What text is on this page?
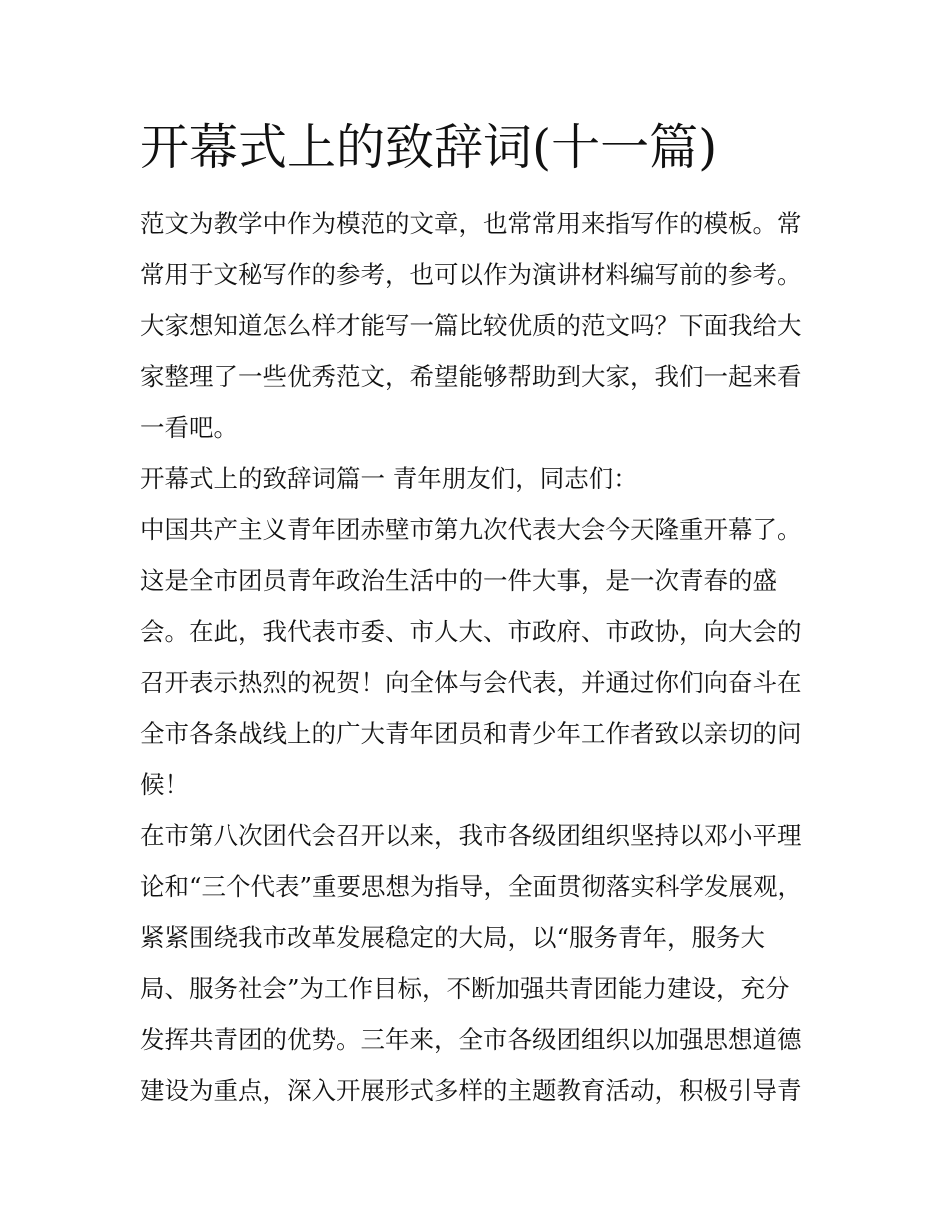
开幕式上的致辞词(十一篇)
范文为教学中作为模范的文章，也常常用来指写作的模板。常
常用于文秘写作的参考，也可以作为演讲材料编写前的参考。
大家想知道怎么样才能写一篇比较优质的范文吗？下面我给大
家整理了一些优秀范文，希望能够帮助到大家，我们一起来看
一看吧。
开幕式上的致辞词篇一 青年朋友们，同志们：
中国共产主义青年团赤壁市第九次代表大会今天隆重开幕了。
这是全市团员青年政治生活中的一件大事，是一次青春的盛
会。在此，我代表市委、市人大、市政府、市政协，向大会的
召开表示热烈的祝贺！向全体与会代表，并通过你们向奋斗在
全市各条战线上的广大青年团员和青少年工作者致以亲切的问
候！
在市第八次团代会召开以来，我市各级团组织坚持以邓小平理
论和“三个代表”重要思想为指导，全面贯彻落实科学发展观，
紧紧围绕我市改革发展稳定的大局，以“服务青年，服务大
局、服务社会”为工作目标，不断加强共青团能力建设，充分
发挥共青团的优势。三年来，全市各级团组织以加强思想道德
建设为重点，深入开展形式多样的主题教育活动，积极引导青
